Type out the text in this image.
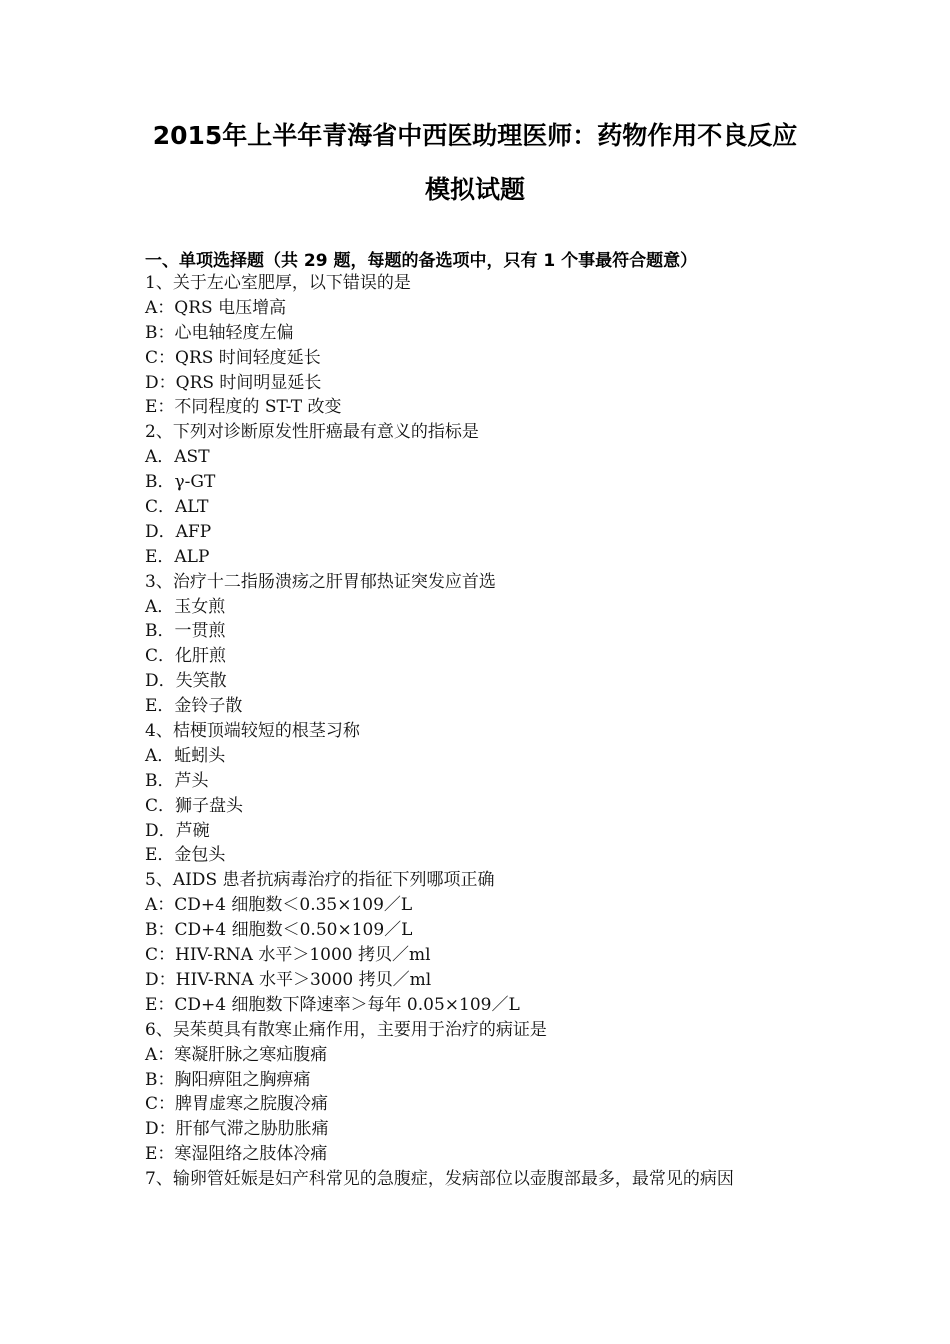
2015年上半年青海省中西医助理医师：药物作用不良反应
模拟试题
一、单项选择题（共 29 题，每题的备选项中，只有 1 个事最符合题意）
1、关于左心室肥厚，以下错误的是
A：QRS 电压增高
B：心电轴轻度左偏
C：QRS 时间轻度延长
D：QRS 时间明显延长
E：不同程度的 ST-T 改变
2、下列对诊断原发性肝癌最有意义的指标是
A．AST
B．γ-GT
C．ALT
D．AFP
E．ALP
3、治疗十二指肠溃疡之肝胃郁热证突发应首选
A．玉女煎
B．一贯煎
C．化肝煎
D．失笑散
E．金铃子散
4、桔梗顶端较短的根茎习称
A．蚯蚓头
B．芦头
C．狮子盘头
D．芦碗
E．金包头
5、AIDS 患者抗病毒治疗的指征下列哪项正确
A：CD+4 细胞数＜0.35×109／L
B：CD+4 细胞数＜0.50×109／L
C：HIV-RNA 水平＞1000 拷贝／ml
D：HIV-RNA 水平＞3000 拷贝／ml
E：CD+4 细胞数下降速率＞每年 0.05×109／L
6、吴茱萸具有散寒止痛作用，主要用于治疗的病证是
A：寒凝肝脉之寒疝腹痛
B：胸阳痹阻之胸痹痛
C：脾胃虚寒之脘腹冷痛
D：肝郁气滞之胁肋胀痛
E：寒湿阻络之肢体冷痛
7、输卵管妊娠是妇产科常见的急腹症，发病部位以壶腹部最多，最常见的病因
